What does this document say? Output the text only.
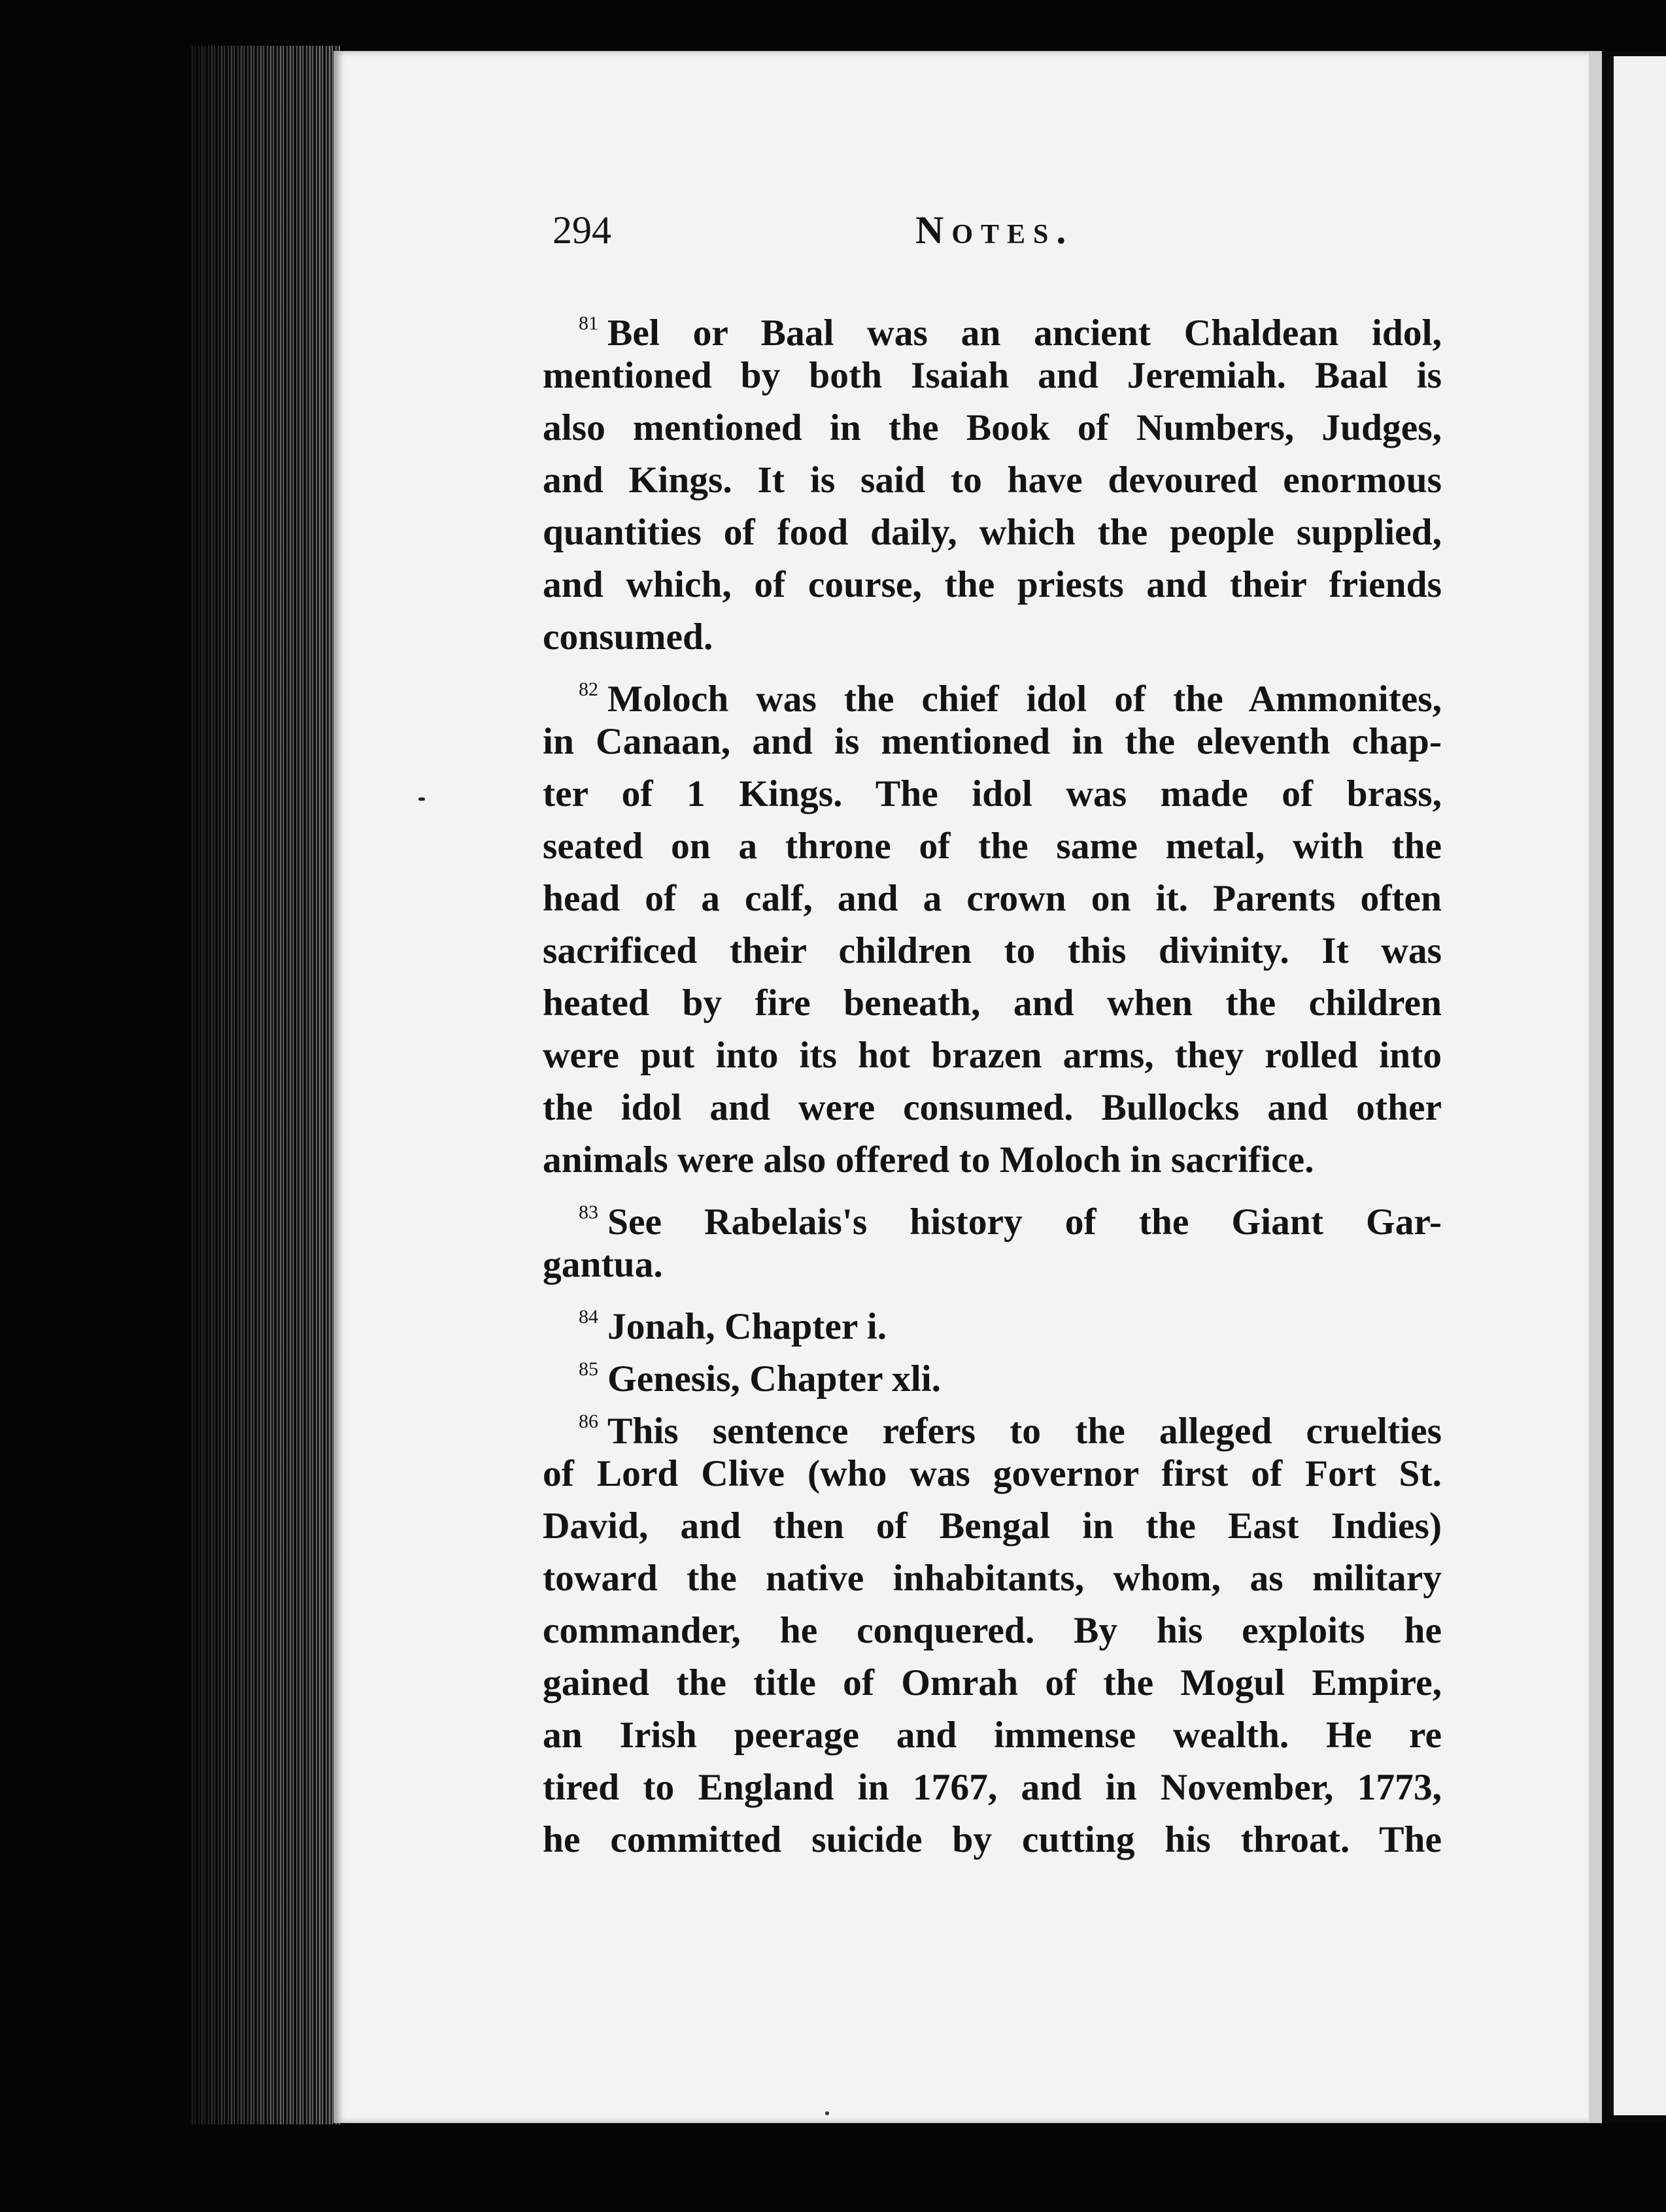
294	Notes.
$^{81}$ Bel or Baal was an ancient Chaldean idol,
mentioned by both Isaiah and Jeremiah. Baal is
also mentioned in the Book of Numbers, Judges,
and Kings. It is said to have devoured enormous
quantities of food daily, which the people supplied,
and which, of course, the priests and their friends
consumed.
$^{82}$ Moloch was the chief idol of the Ammonites,
in Canaan, and is mentioned in the eleventh chap-
ter of 1 Kings. The idol was made of brass,
seated on a throne of the same metal, with the
head of a calf, and a crown on it. Parents often
sacrificed their children to this divinity. It was
heated by fire beneath, and when the children
were put into its hot brazen arms, they rolled into
the idol and were consumed. Bullocks and other
animals were also offered to Moloch in sacrifice.
$^{83}$ See Rabelais's history of the Giant Gar-
gantua.
$^{84}$ Jonah, Chapter i.
$^{85}$ Genesis, Chapter xli.
$^{86}$ This sentence refers to the alleged cruelties
of Lord Clive (who was governor first of Fort St.
David, and then of Bengal in the East Indies)
toward the native inhabitants, whom, as military
commander, he conquered. By his exploits he
gained the title of Omrah of the Mogul Empire,
an Irish peerage and immense wealth. He re
tired to England in 1767, and in November, 1773,
he committed suicide by cutting his throat. The
